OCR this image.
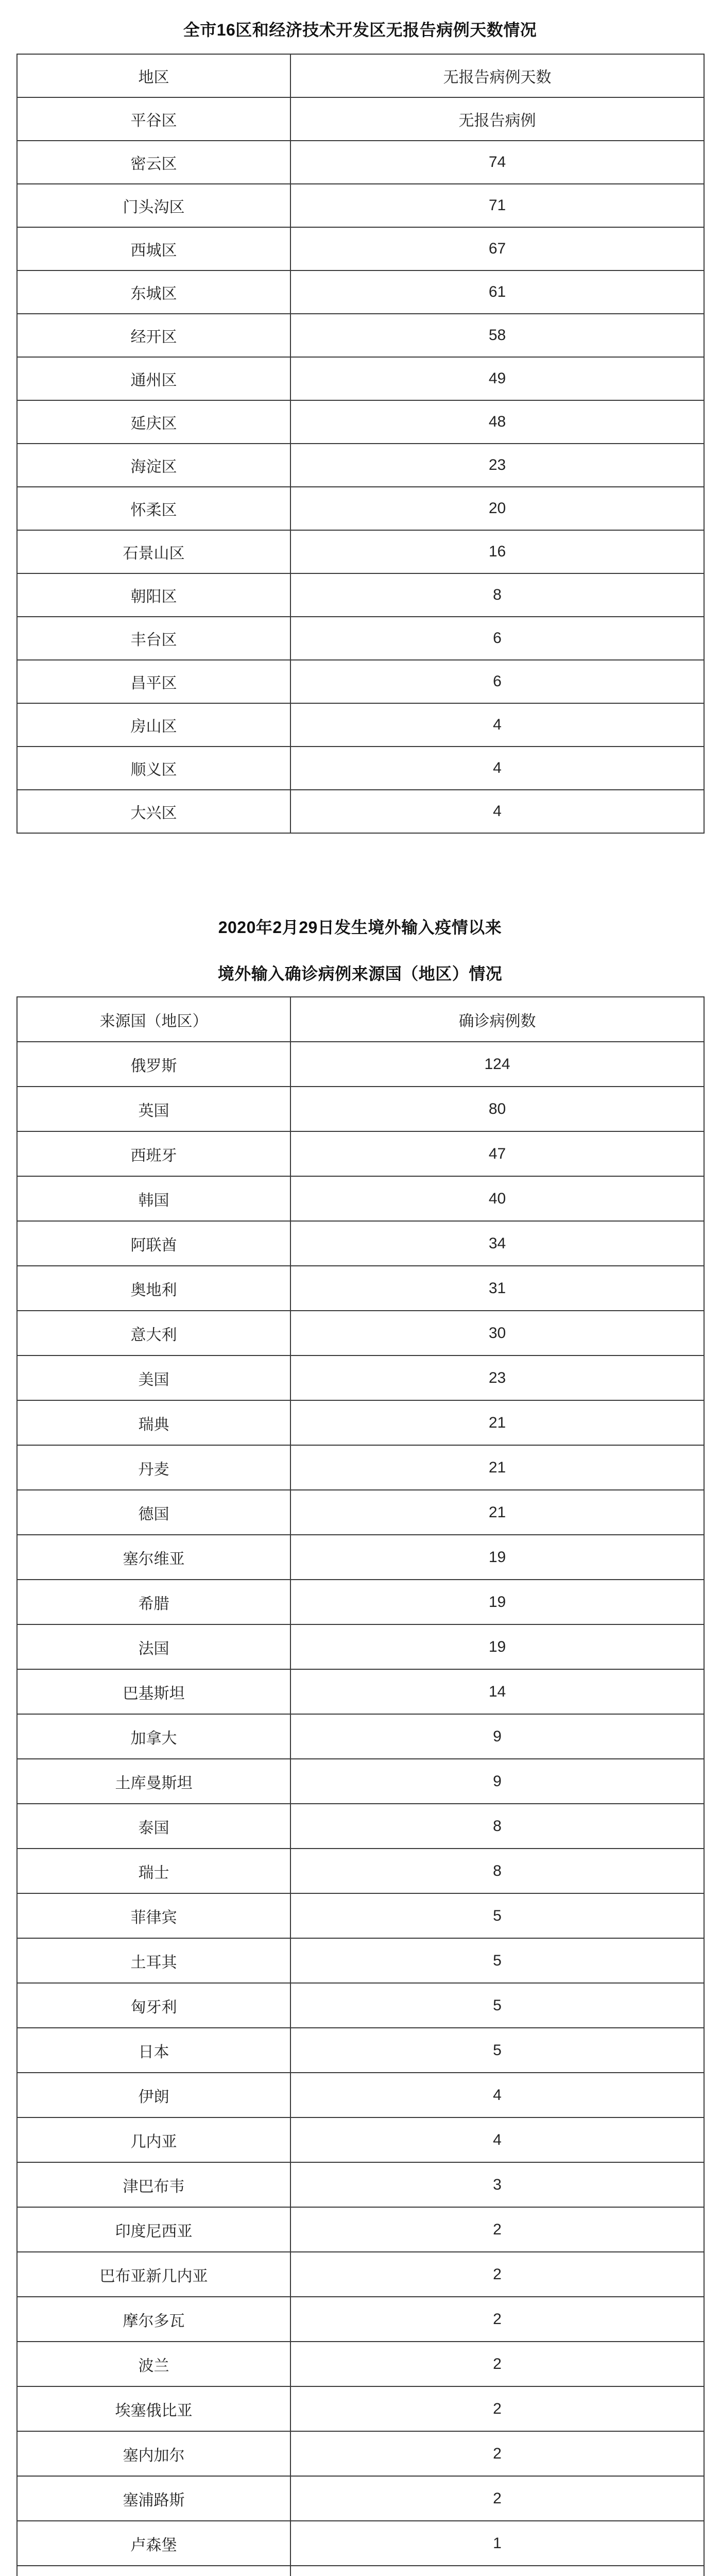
全市16区和经济技术开发区无报告病例天数情况
地区	无报告病例天数
平谷区	无报告病例
密云区	74
门头沟区	71
西城区	67
东城区	61
经开区	58
通州区	49
延庆区	48
海淀区	23
怀柔区	20
石景山区	16
朝阳区	8
丰台区	6
昌平区	6
房山区	4
顺义区	4
大兴区	4
2020年2月29日发生境外输入疫情以来
境外输入确诊病例来源国（地区）情况
来源国（地区）	确诊病例数
俄罗斯	124
英国	80
西班牙	47
韩国	40
阿联酋	34
奥地利	31
意大利	30
美国	23
瑞典	21
丹麦	21
德国	21
塞尔维亚	19
希腊	19
法国	19
巴基斯坦	14
加拿大	9
土库曼斯坦	9
泰国	8
瑞士	8
菲律宾	5
土耳其	5
匈牙利	5
日本	5
伊朗	4
几内亚	4
津巴布韦	3
印度尼西亚	2
巴布亚新几内亚	2
摩尔多瓦	2
波兰	2
埃塞俄比亚	2
塞内加尔	2
塞浦路斯	2
卢森堡	1
